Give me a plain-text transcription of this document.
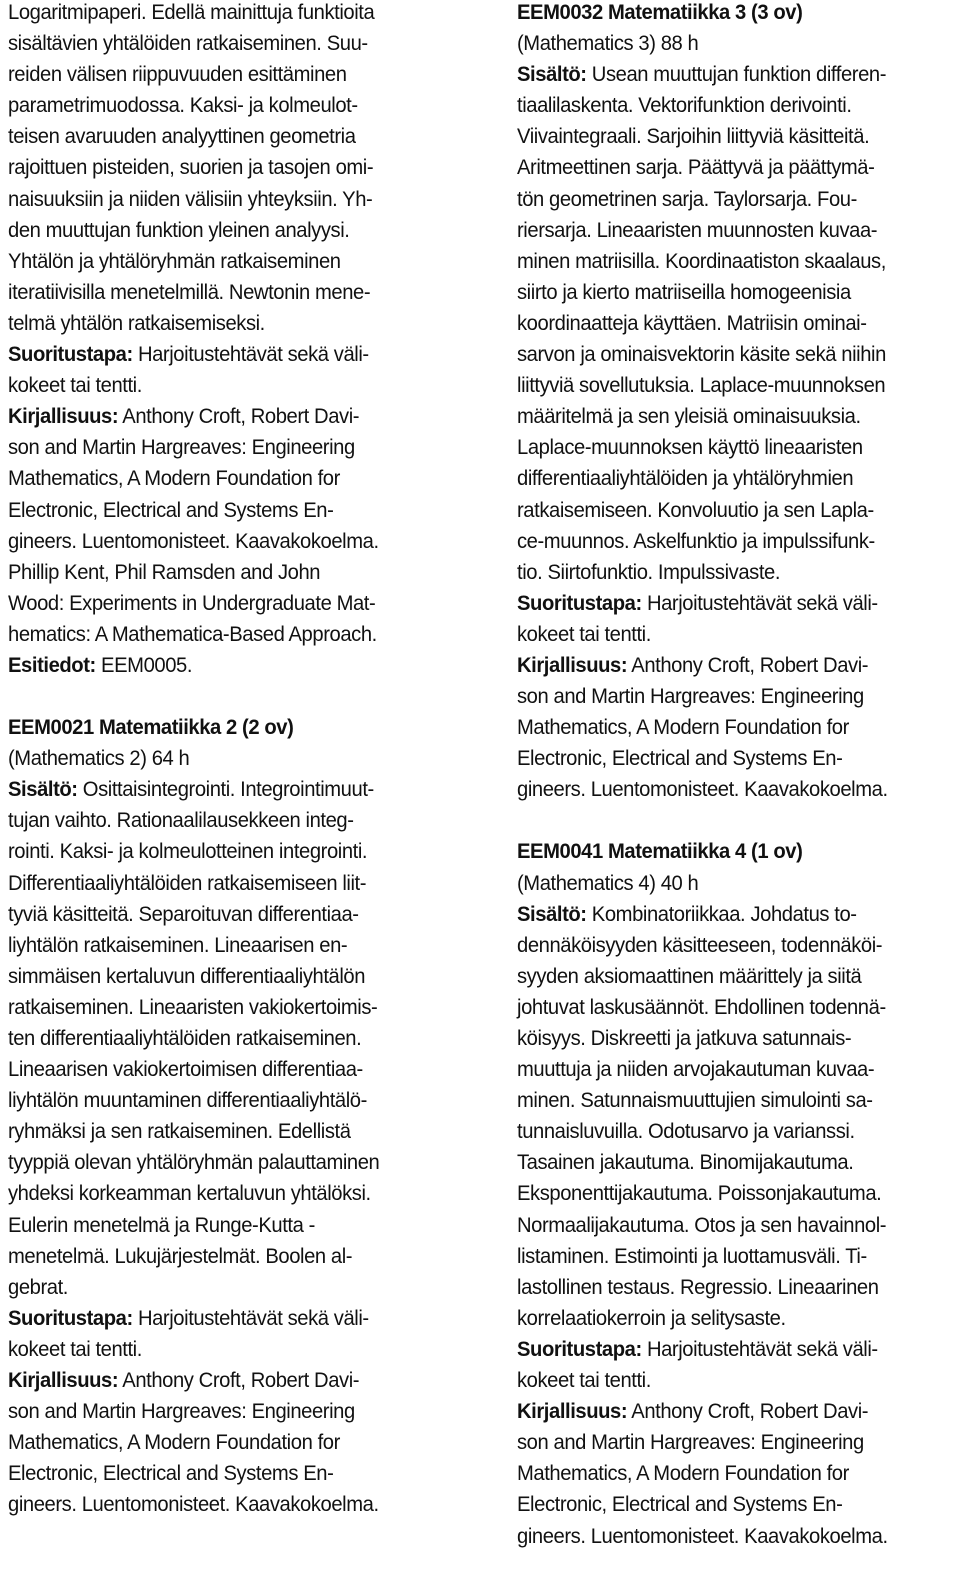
Logaritmipaperi. Edellä mainittuja funktioita
sisältävien yhtälöiden ratkaiseminen. Suu-
reiden välisen riippuvuuden esittäminen
parametrimuodossa. Kaksi- ja kolmeulot-
teisen avaruuden analyyttinen geometria
rajoittuen pisteiden, suorien ja tasojen omi-
naisuuksiin ja niiden välisiin yhteyksiin. Yh-
den muuttujan funktion yleinen analyysi.
Yhtälön ja yhtälöryhmän ratkaiseminen
iteratiivisilla menetelmillä. Newtonin mene-
telmä yhtälön ratkaisemiseksi.
Suoritustapa: Harjoitustehtävät sekä väli-
kokeet tai tentti.
Kirjallisuus: Anthony Croft, Robert Davi-
son and Martin Hargreaves: Engineering
Mathematics, A Modern Foundation for
Electronic, Electrical and Systems En-
gineers. Luentomonisteet. Kaavakokoelma.
Phillip Kent, Phil Ramsden and John
Wood: Experiments in Undergraduate Mat-
hematics: A Mathematica-Based Approach.
Esitiedot: EEM0005.
EEM0021 Matematiikka 2 (2 ov)
(Mathematics 2) 64 h
Sisältö: Osittaisintegrointi. Integrointimuut-
tujan vaihto. Rationaalilausekkeen integ-
rointi. Kaksi- ja kolmeulotteinen integrointi.
Differentiaaliyhtälöiden ratkaisemiseen liit-
tyviä käsitteitä. Separoituvan differentiaa-
liyhtälön ratkaiseminen. Lineaarisen en-
simmäisen kertaluvun differentiaaliyhtälön
ratkaiseminen. Lineaaristen vakiokertoimis-
ten differentiaaliyhtälöiden ratkaiseminen.
Lineaarisen vakiokertoimisen differentiaa-
liyhtälön muuntaminen differentiaaliyhtälö-
ryhmäksi ja sen ratkaiseminen. Edellistä
tyyppiä olevan yhtälöryhmän palauttaminen
yhdeksi korkeamman kertaluvun yhtälöksi.
Eulerin menetelmä ja Runge-Kutta -
menetelmä. Lukujärjestelmät. Boolen al-
gebrat.
Suoritustapa: Harjoitustehtävät sekä väli-
kokeet tai tentti.
Kirjallisuus: Anthony Croft, Robert Davi-
son and Martin Hargreaves: Engineering
Mathematics, A Modern Foundation for
Electronic, Electrical and Systems En-
gineers. Luentomonisteet. Kaavakokoelma.
EEM0032 Matematiikka 3 (3 ov)
(Mathematics 3) 88 h
Sisältö: Usean muuttujan funktion differen-
tiaalilaskenta. Vektorifunktion derivointi.
Viivaintegraali. Sarjoihin liittyviä käsitteitä.
Aritmeettinen sarja. Päättyvä ja päättymä-
tön geometrinen sarja. Taylorsarja. Fou-
riersarja. Lineaaristen muunnosten kuvaa-
minen matriisilla. Koordinaatiston skaalaus,
siirto ja kierto matriiseilla homogeenisia
koordinaatteja käyttäen. Matriisin ominai-
sarvon ja ominaisvektorin käsite sekä niihin
liittyviä sovellutuksia. Laplace-muunnoksen
määritelmä ja sen yleisiä ominaisuuksia.
Laplace-muunnoksen käyttö lineaaristen
differentiaaliyhtälöiden ja yhtälöryhmien
ratkaisemiseen. Konvoluutio ja sen Lapla-
ce-muunnos. Askelfunktio ja impulssifunk-
tio. Siirtofunktio. Impulssivaste.
Suoritustapa: Harjoitustehtävät sekä väli-
kokeet tai tentti.
Kirjallisuus: Anthony Croft, Robert Davi-
son and Martin Hargreaves: Engineering
Mathematics, A Modern Foundation for
Electronic, Electrical and Systems En-
gineers. Luentomonisteet. Kaavakokoelma.
EEM0041 Matematiikka 4 (1 ov)
(Mathematics 4) 40 h
Sisältö: Kombinatoriikkaa. Johdatus to-
dennäköisyyden käsitteeseen, todennäköi-
syyden aksiomaattinen määrittely ja siitä
johtuvat laskusäännöt. Ehdollinen todennä-
köisyys. Diskreetti ja jatkuva satunnais-
muuttuja ja niiden arvojakautuman kuvaa-
minen. Satunnaismuuttujien simulointi sa-
tunnaisluvuilla. Odotusarvo ja varianssi.
Tasainen jakautuma. Binomijakautuma.
Eksponenttijakautuma. Poissonjakautuma.
Normaalijakautuma. Otos ja sen havainnol-
listaminen. Estimointi ja luottamusväli. Ti-
lastollinen testaus. Regressio. Lineaarinen
korrelaatiokerroin ja selitysaste.
Suoritustapa: Harjoitustehtävät sekä väli-
kokeet tai tentti.
Kirjallisuus: Anthony Croft, Robert Davi-
son and Martin Hargreaves: Engineering
Mathematics, A Modern Foundation for
Electronic, Electrical and Systems En-
gineers. Luentomonisteet. Kaavakokoelma.
